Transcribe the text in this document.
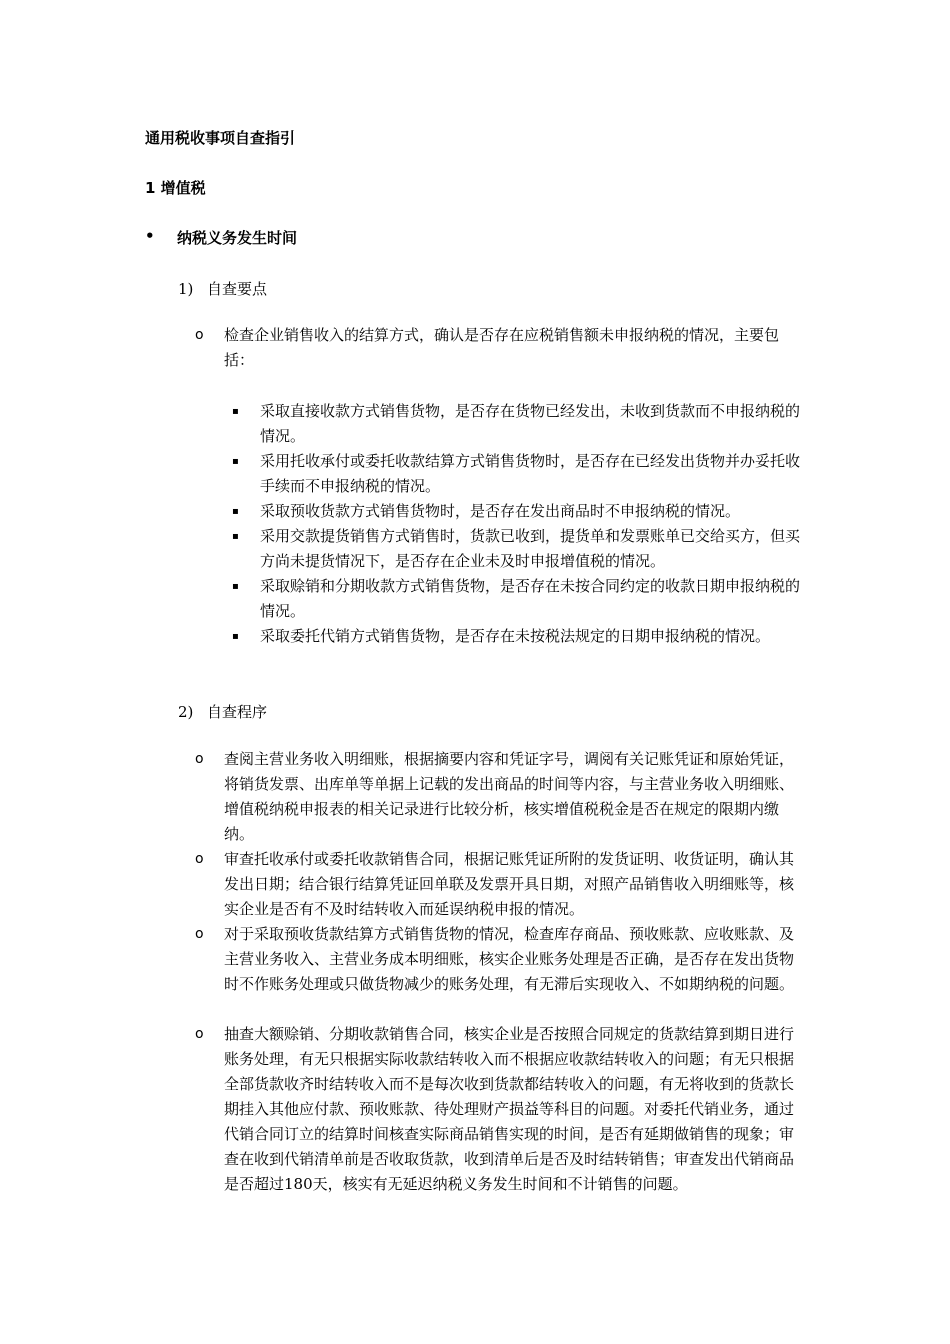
通用税收事项自查指引
1 增值税
• 纳税义务发生时间
1) 自查要点
o 检查企业销售收入的结算方式，确认是否存在应税销售额未申报纳税的情况，主要包括：
▪ 采取直接收款方式销售货物，是否存在货物已经发出，未收到货款而不申报纳税的情况。
▪ 采用托收承付或委托收款结算方式销售货物时，是否存在已经发出货物并办妥托收手续而不申报纳税的情况。
▪ 采取预收货款方式销售货物时，是否存在发出商品时不申报纳税的情况。
▪ 采用交款提货销售方式销售时，货款已收到，提货单和发票账单已交给买方，但买方尚未提货情况下，是否存在企业未及时申报增值税的情况。
▪ 采取赊销和分期收款方式销售货物，是否存在未按合同约定的收款日期申报纳税的情况。
▪ 采取委托代销方式销售货物，是否存在未按税法规定的日期申报纳税的情况。
2) 自查程序
o 查阅主营业务收入明细账，根据摘要内容和凭证字号，调阅有关记账凭证和原始凭证，将销货发票、出库单等单据上记载的发出商品的时间等内容，与主营业务收入明细账、增值税纳税申报表的相关记录进行比较分析，核实增值税税金是否在规定的限期内缴纳。
o 审查托收承付或委托收款销售合同，根据记账凭证所附的发货证明、收货证明，确认其发出日期；结合银行结算凭证回单联及发票开具日期，对照产品销售收入明细账等，核实企业是否有不及时结转收入而延误纳税申报的情况。
o 对于采取预收货款结算方式销售货物的情况，检查库存商品、预收账款、应收账款、及主营业务收入、主营业务成本明细账，核实企业账务处理是否正确，是否存在发出货物时不作账务处理或只做货物减少的账务处理，有无滞后实现收入、不如期纳税的问题。
o 抽查大额赊销、分期收款销售合同，核实企业是否按照合同规定的货款结算到期日进行账务处理，有无只根据实际收款结转收入而不根据应收款结转收入的问题；有无只根据全部货款收齐时结转收入而不是每次收到货款都结转收入的问题，有无将收到的货款长期挂入其他应付款、预收账款、待处理财产损益等科目的问题。对委托代销业务，通过代销合同订立的结算时间核查实际商品销售实现的时间，是否有延期做销售的现象；审查在收到代销清单前是否收取货款，收到清单后是否及时结转销售；审查发出代销商品是否超过180天，核实有无延迟纳税义务发生时间和不计销售的问题。
